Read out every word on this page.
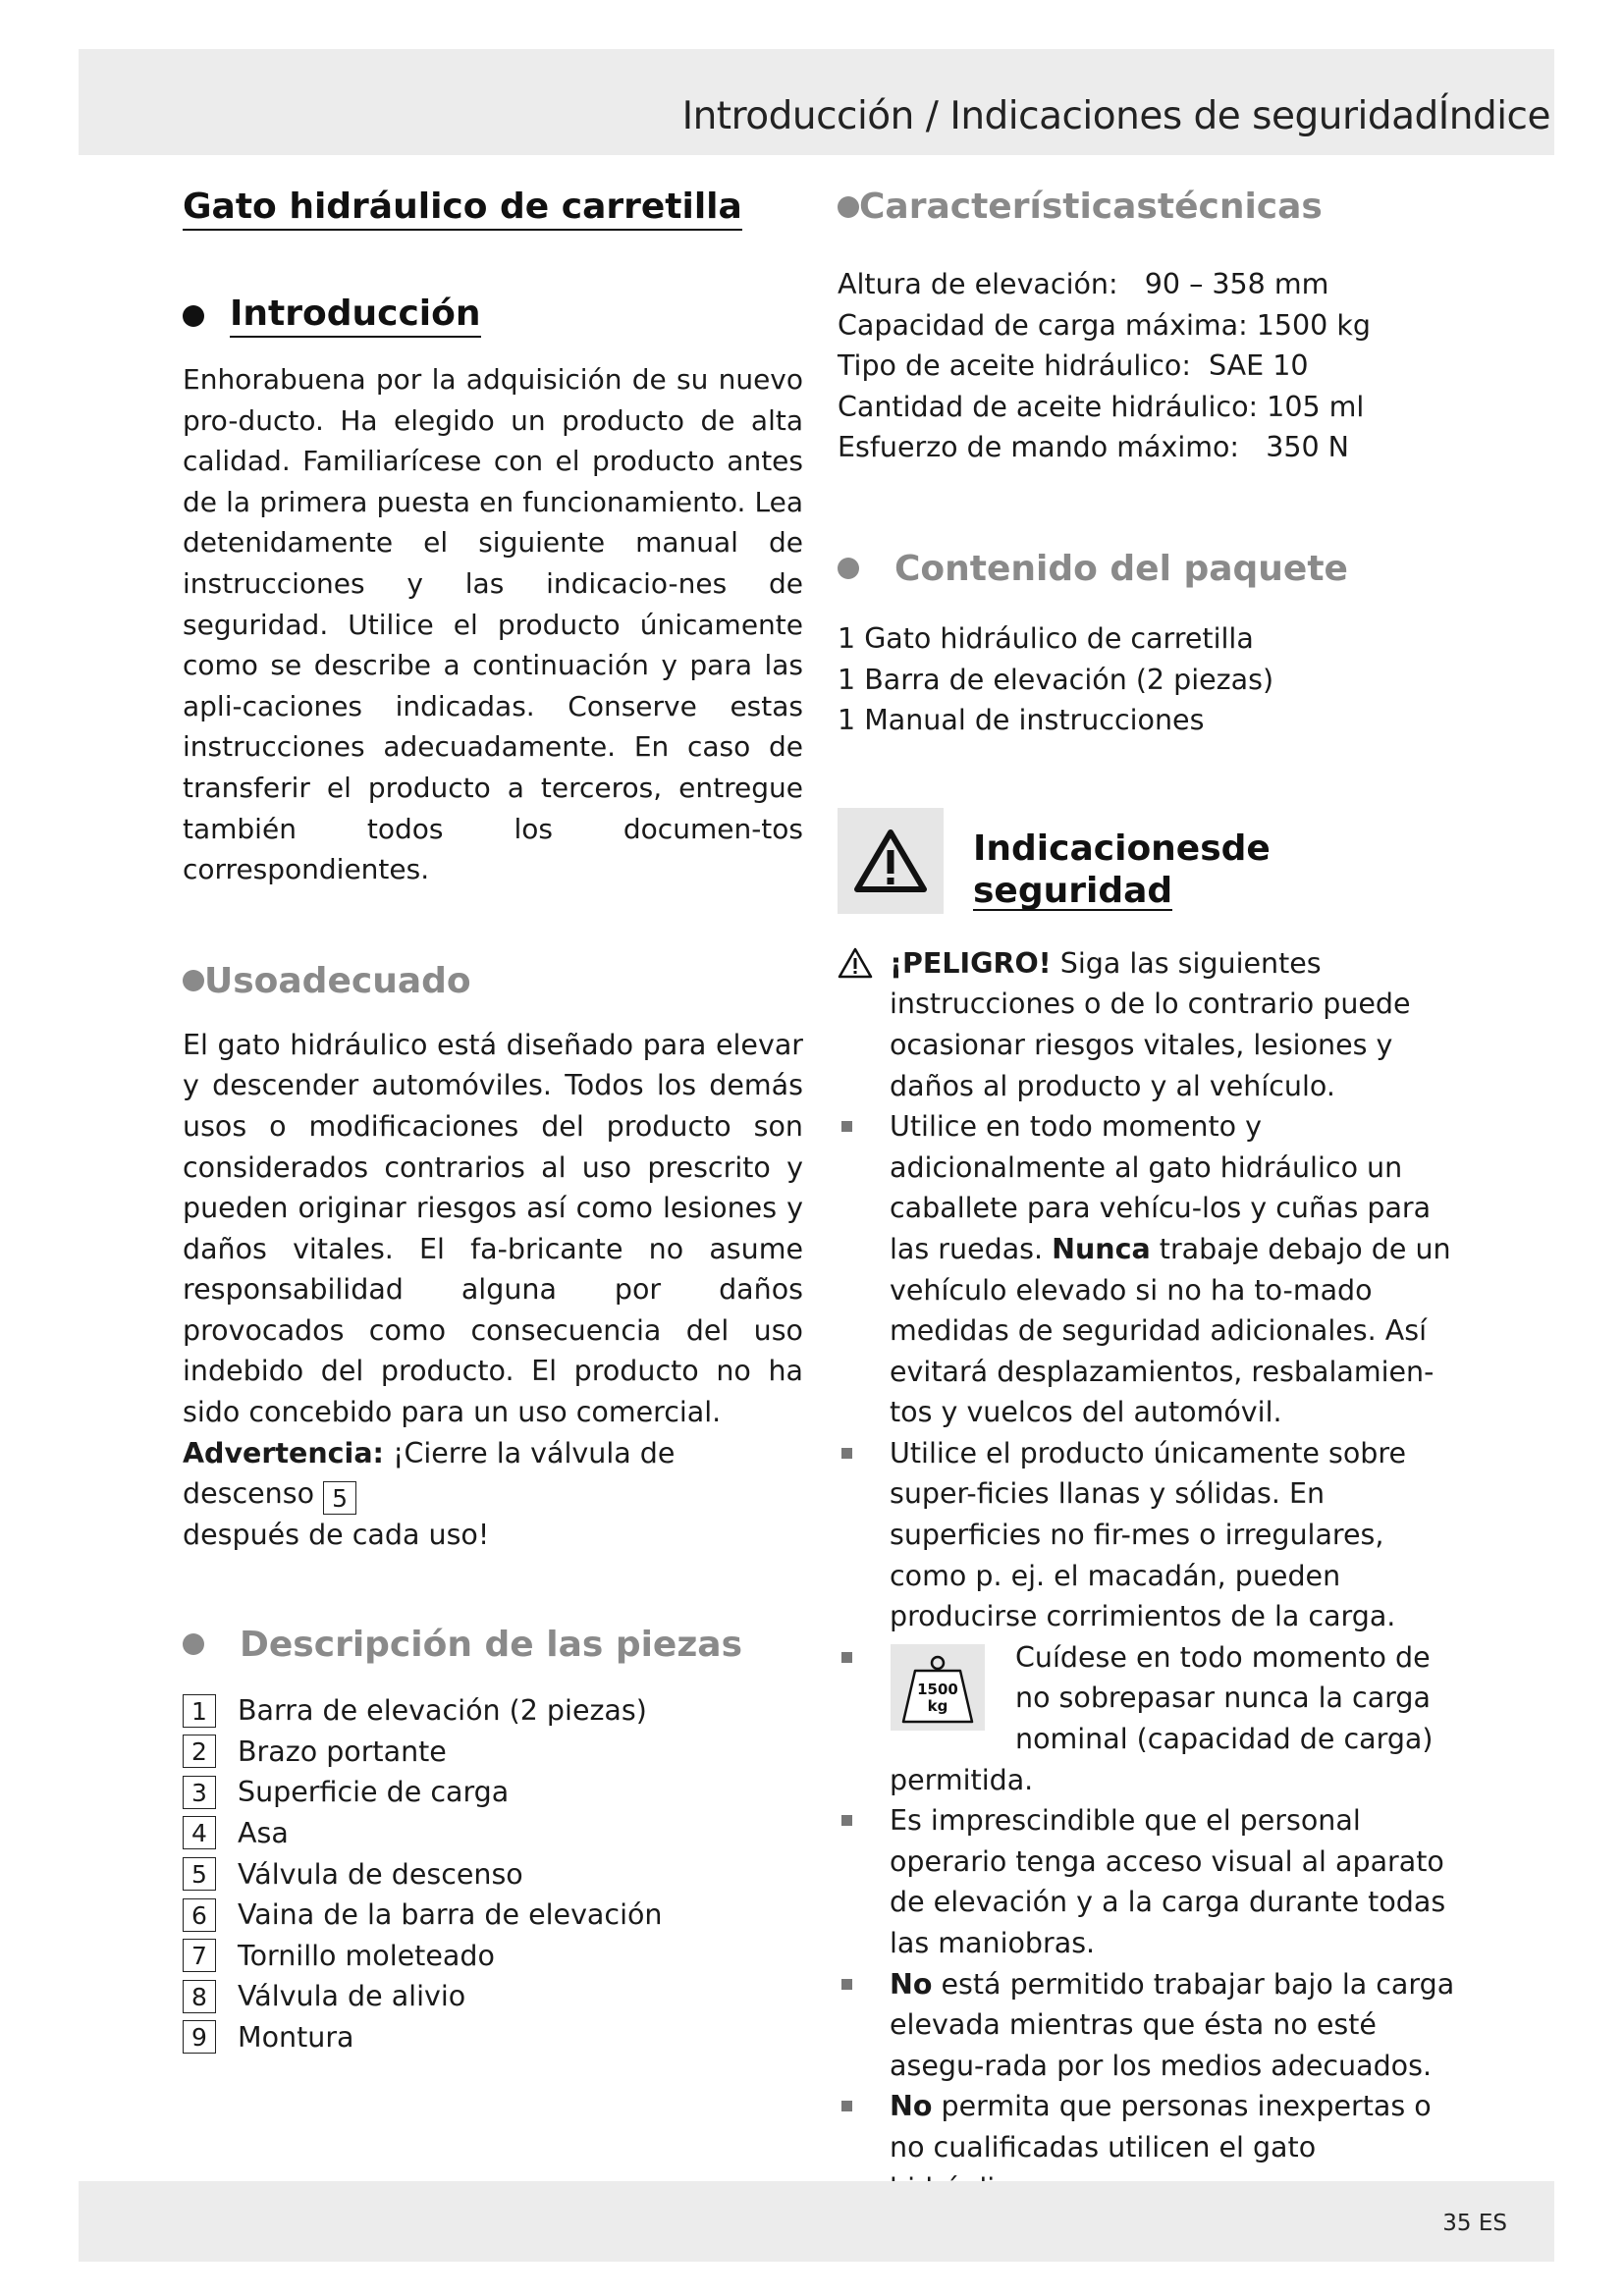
Introducción / Indicaciones de seguridadÍndice
Gato hidráulico de carretilla
Introducción

Enhorabuena por la adquisición de su nuevo pro-ducto. Ha elegido un producto de alta calidad. Familiarícese con el producto antes de la primera puesta en funcionamiento. Lea detenidamente el siguiente manual de instrucciones y las indicacio-nes de seguridad. Utilice el producto únicamente como se describe a continuación y para las apli-caciones indicadas. Conserve estas instrucciones adecuadamente. En caso de transferir el producto a terceros, entregue también todos los documen-tos correspondientes.

Usoadecuado

El gato hidráulico está diseñado para elevar y descender automóviles. Todos los demás usos o modificaciones del producto son considerados contrarios al uso prescrito y pueden originar riesgos así como lesiones y daños vitales. El fa-bricante no asume responsabilidad alguna por daños provocados como consecuencia del uso indebido del producto. El producto no ha sido concebido para un uso comercial.

Advertencia: ¡Cierre la válvula de descenso 5
después de cada uso!

Descripción de las piezas
1	Barra de elevación (2 piezas)
2	Brazo portante
3	Superficie de carga
4	Asa
5	Válvula de descenso
6	Vaina de la barra de elevación
7	Tornillo moleteado
8	Válvula de alivio
9	Montura
Característicastécnicas

Altura de elevación:   90 – 358 mm

Capacidad de carga máxima: 1500 kg

Tipo de aceite hidráulico:  SAE 10

Cantidad de aceite hidráulico: 105 ml

Esfuerzo de mando máximo:   350 N

Contenido del paquete

1 Gato hidráulico de carretilla

1 Barra de elevación (2 piezas)

1 Manual de instrucciones

Indicacionesde
seguridad

¡PELIGRO! Siga las siguientes instrucciones o de lo contrario puede ocasionar riesgos vitales, lesiones y daños al producto y al vehículo.

Utilice en todo momento y adicionalmente al gato hidráulico un caballete para vehícu-los y cuñas para las ruedas. Nunca trabaje debajo de un vehículo elevado si no ha to-mado medidas de seguridad adicionales. Así evitará desplazamientos, resbalamien-tos y vuelcos del automóvil.

Utilice el producto únicamente sobre super-ficies llanas y sólidas. En superficies no fir-mes o irregulares, como p. ej. el macadán, pueden producirse corrimientos de la carga.

1500
kg

Cuídese en todo momento de no sobrepasar nunca la carga nominal (capacidad de carga)

permitida.

Es imprescindible que el personal operario tenga acceso visual al aparato de elevación y a la carga durante todas las maniobras.

No está permitido trabajar bajo la carga elevada mientras que ésta no esté asegu-rada por los medios adecuados.

No permita que personas inexpertas o no cualificadas utilicen el gato

35 ES
